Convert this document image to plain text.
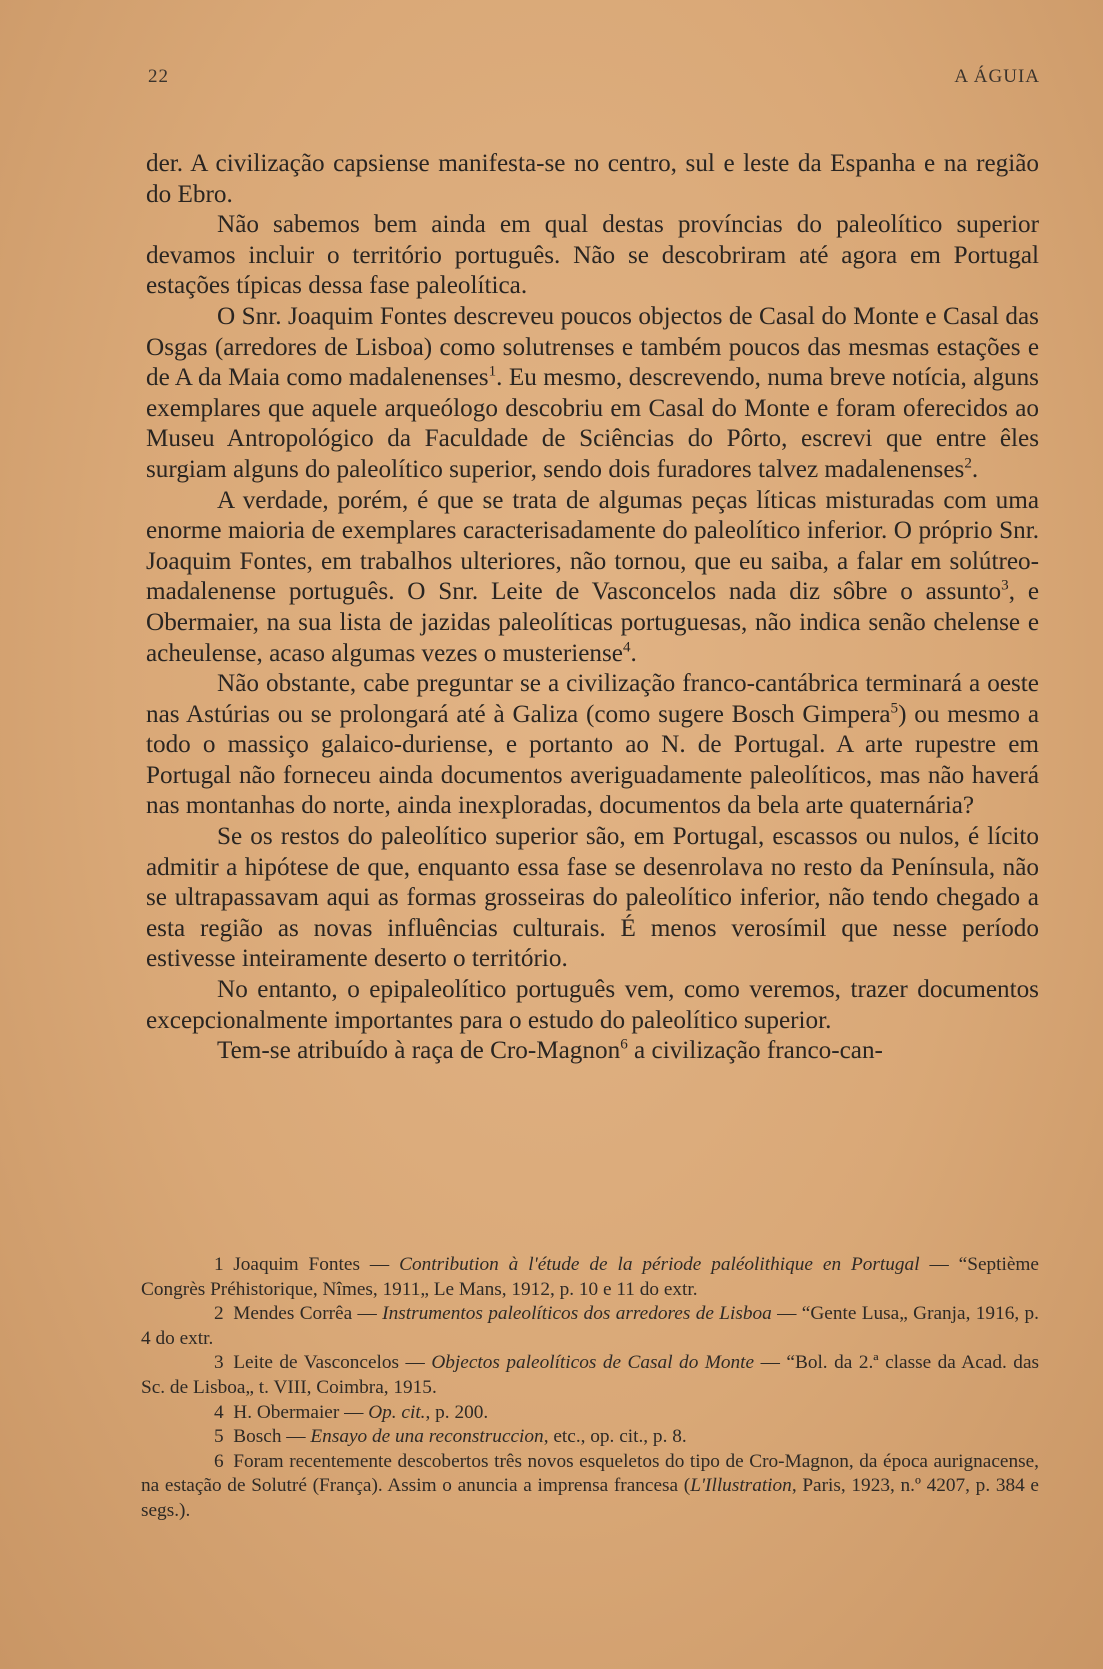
22	A ÁGUIA

der. A civilização capsiense manifesta-se no centro, sul e leste da Espanha e na região do Ebro.

Não sabemos bem ainda em qual destas províncias do paleolítico superior devamos incluir o território português. Não se descobriram até agora em Portugal estações típicas dessa fase paleolítica.

O Snr. Joaquim Fontes descreveu poucos objectos de Casal do Monte e Casal das Osgas (arredores de Lisboa) como solutrenses e também poucos das mesmas estações e de A da Maia como madalenenses$^1$. Eu mesmo, descrevendo, numa breve notícia, alguns exemplares que aquele arqueólogo descobriu em Casal do Monte e foram oferecidos ao Museu Antropológico da Faculdade de Sciências do Pôrto, escrevi que entre êles surgiam alguns do paleolítico superior, sendo dois furadores talvez madalenenses$^2$.

A verdade, porém, é que se trata de algumas peças líticas misturadas com uma enorme maioria de exemplares caracterisadamente do paleolítico inferior. O próprio Snr. Joaquim Fontes, em trabalhos ulteriores, não tornou, que eu saiba, a falar em solútreo-madalenense português. O Snr. Leite de Vasconcelos nada diz sôbre o assunto$^3$, e Obermaier, na sua lista de jazidas paleolíticas portuguesas, não indica senão chelense e acheulense, acaso algumas vezes o musteriense$^4$.

Não obstante, cabe preguntar se a civilização franco-cantábrica terminará a oeste nas Astúrias ou se prolongará até à Galiza (como sugere Bosch Gimpera$^5$) ou mesmo a todo o massiço galaico-duriense, e portanto ao N. de Portugal. A arte rupestre em Portugal não forneceu ainda documentos averiguadamente paleolíticos, mas não haverá nas montanhas do norte, ainda inexploradas, documentos da bela arte quaternária?

Se os restos do paleolítico superior são, em Portugal, escassos ou nulos, é lícito admitir a hipótese de que, enquanto essa fase se desenrolava no resto da Península, não se ultrapassavam aqui as formas grosseiras do paleolítico inferior, não tendo chegado a esta região as novas influências culturais. É menos verosímil que nesse período estivesse inteiramente deserto o território.

No entanto, o epipaleolítico português vem, como veremos, trazer documentos excepcionalmente importantes para o estudo do paleolítico superior.

Tem-se atribuído à raça de Cro-Magnon$^6$ a civilização franco-can-

1  Joaquim Fontes — Contribution à l'étude de la période paléolithique en Portugal — “Septième Congrès Préhistorique, Nîmes, 1911„ Le Mans, 1912, p. 10 e 11 do extr.

2  Mendes Corrêa — Instrumentos paleolíticos dos arredores de Lisboa — “Gente Lusa„ Granja, 1916, p. 4 do extr.

3  Leite de Vasconcelos — Objectos paleolíticos de Casal do Monte — “Bol. da 2.ª classe da Acad. das Sc. de Lisboa„ t. VIII, Coimbra, 1915.

4  H. Obermaier — Op. cit., p. 200.

5  Bosch — Ensayo de una reconstruccion, etc., op. cit., p. 8.

6  Foram recentemente descobertos três novos esqueletos do tipo de Cro-Magnon, da época aurignacense, na estação de Solutré (França). Assim o anuncia a imprensa francesa (L'Illustration, Paris, 1923, n.º 4207, p. 384 e segs.).
